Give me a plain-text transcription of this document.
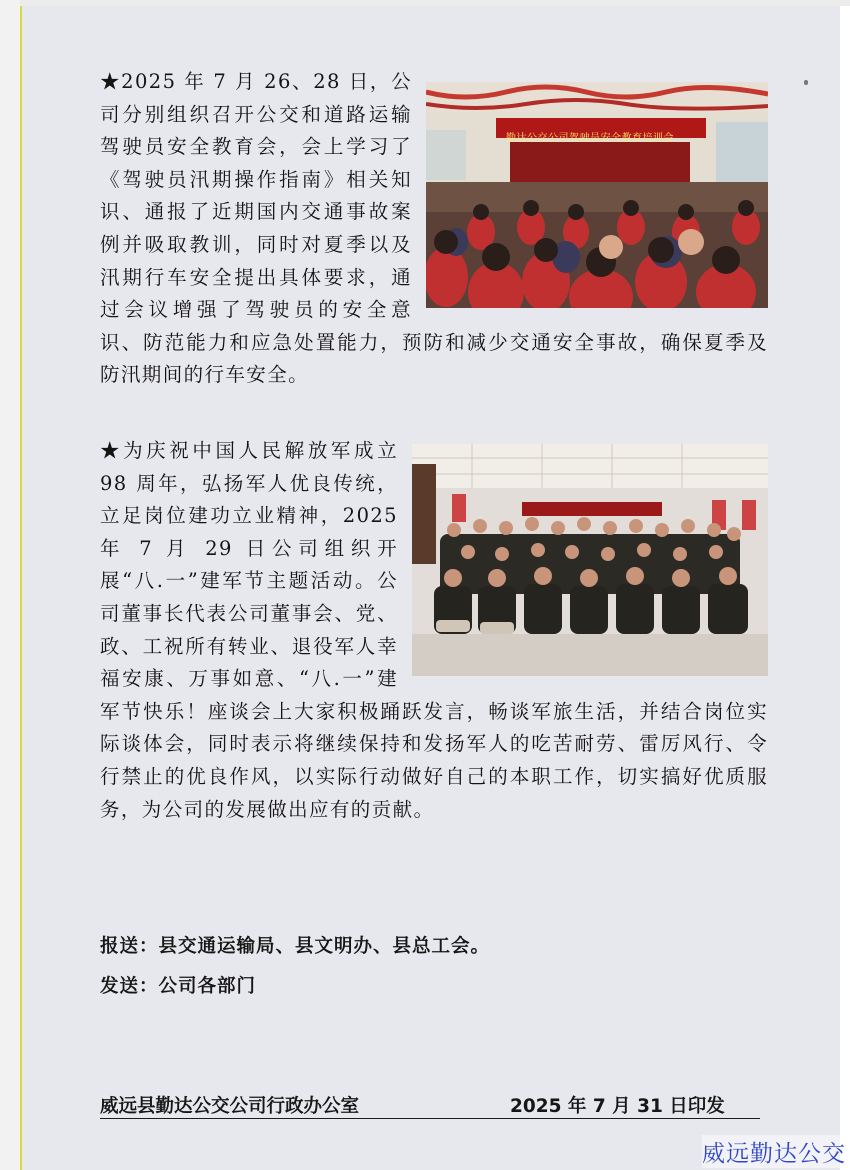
勤达公交公司驾驶员安全教育培训会
★2025 年 7 月 26、28 日，公司分别组织召开公交和道路运输驾驶员安全教育会，会上学习了《驾驶员汛期操作指南》相关知识、通报了近期国内交通事故案例并吸取教训，同时对夏季以及汛期行车安全提出具体要求，通过会议增强了驾驶员的安全意识、防范能力和应急处置能力，预防和减少交通安全事故，确保夏季及防汛期间的行车安全。
★为庆祝中国人民解放军成立 98 周年，弘扬军人优良传统，立足岗位建功立业精神，2025 年 7 月 29 日公司组织开展“八.一”建军节主题活动。公司董事长代表公司董事会、党、政、工祝所有转业、退役军人幸福安康、万事如意、“八.一”建军节快乐！座谈会上大家积极踊跃发言，畅谈军旅生活，并结合岗位实际谈体会，同时表示将继续保持和发扬军人的吃苦耐劳、雷厉风行、令行禁止的优良作风，以实际行动做好自己的本职工作，切实搞好优质服务，为公司的发展做出应有的贡献。
报送：县交通运输局、县文明办、县总工会。
发送：公司各部门
威远县勤达公交公司行政办公室	2025 年 7 月 31 日印发
威远勤达公交
